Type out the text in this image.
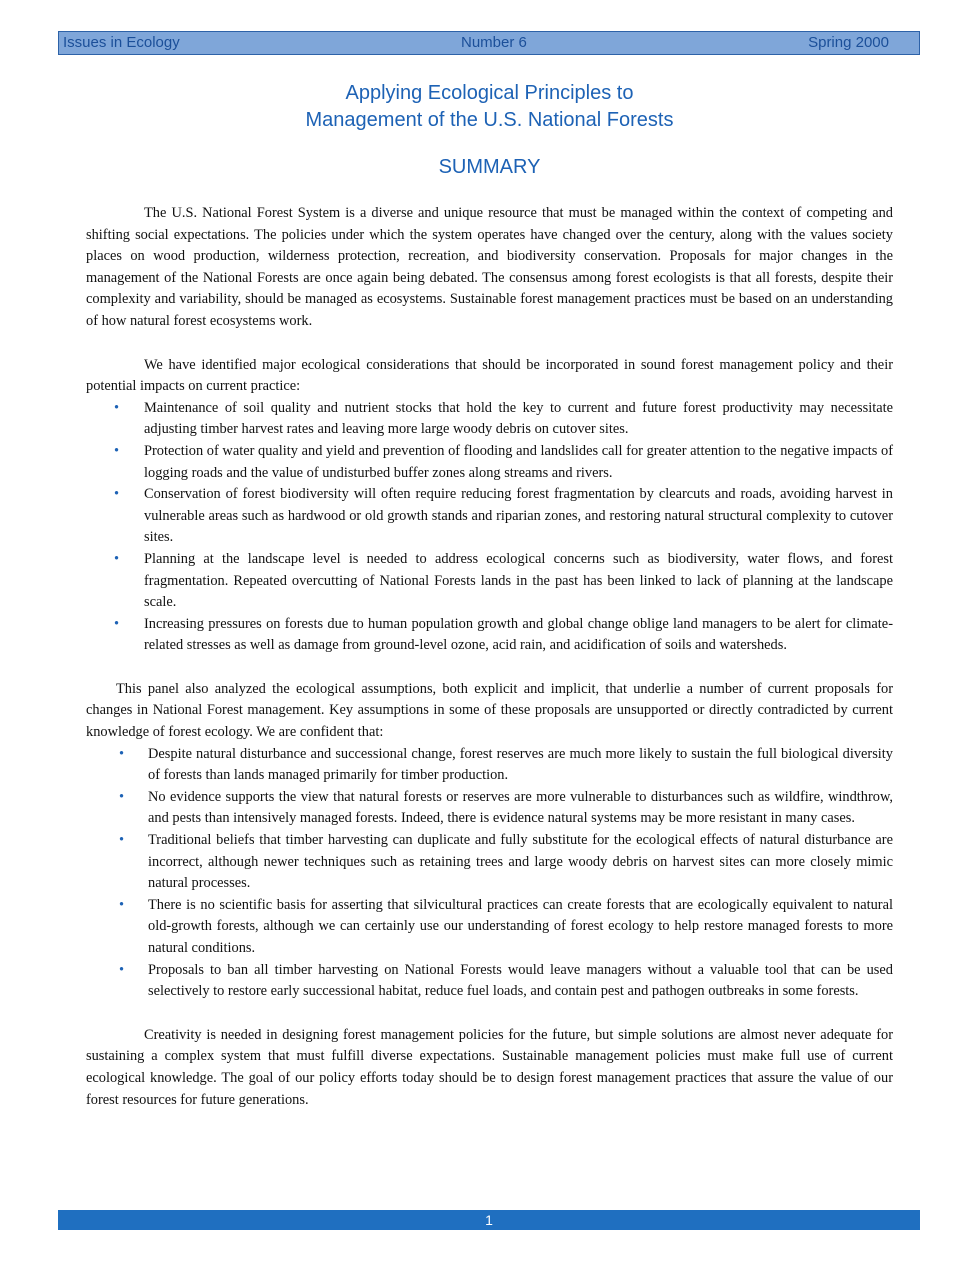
Issues in Ecology	Number 6	Spring 2000
Applying Ecological Principles to
Management of the U.S. National Forests
SUMMARY

The U.S. National Forest System is a diverse and unique resource that must be managed within the context of competing and shifting social expectations. The policies under which the system operates have changed over the century, along with the values society places on wood production, wilderness protection, recreation, and biodiversity conservation. Proposals for major changes in the management of the National Forests are once again being debated. The consensus among forest ecologists is that all forests, despite their complexity and variability, should be managed as ecosystems. Sustainable forest management practices must be based on an understanding of how natural forest ecosystems work.

We have identified major ecological considerations that should be incorporated in sound forest management policy and their potential impacts on current practice:

• Maintenance of soil quality and nutrient stocks that hold the key to current and future forest productivity may necessitate adjusting timber harvest rates and leaving more large woody debris on cutover sites.
• Protection of water quality and yield and prevention of flooding and landslides call for greater attention to the negative impacts of logging roads and the value of undisturbed buffer zones along streams and rivers.
• Conservation of forest biodiversity will often require reducing forest fragmentation by clearcuts and roads, avoiding harvest in vulnerable areas such as hardwood or old growth stands and riparian zones, and restoring natural structural complexity to cutover sites.
• Planning at the landscape level is needed to address ecological concerns such as biodiversity, water flows, and forest fragmentation. Repeated overcutting of National Forests lands in the past has been linked to lack of planning at the landscape scale.
• Increasing pressures on forests due to human population growth and global change oblige land managers to be alert for climate-related stresses as well as damage from ground-level ozone, acid rain, and acidification of soils and watersheds.

This panel also analyzed the ecological assumptions, both explicit and implicit, that underlie a number of current proposals for changes in National Forest management. Key assumptions in some of these proposals are unsupported or directly contradicted by current knowledge of forest ecology. We are confident that:

• Despite natural disturbance and successional change, forest reserves are much more likely to sustain the full biological diversity of forests than lands managed primarily for timber production.
• No evidence supports the view that natural forests or reserves are more vulnerable to disturbances such as wildfire, windthrow, and pests than intensively managed forests. Indeed, there is evidence natural systems may be more resistant in many cases.
• Traditional beliefs that timber harvesting can duplicate and fully substitute for the ecological effects of natural disturbance are incorrect, although newer techniques such as retaining trees and large woody debris on harvest sites can more closely mimic natural processes.
• There is no scientific basis for asserting that silvicultural practices can create forests that are ecologically equivalent to natural old-growth forests, although we can certainly use our understanding of forest ecology to help restore managed forests to more natural conditions.
• Proposals to ban all timber harvesting on National Forests would leave managers without a valuable tool that can be used selectively to restore early successional habitat, reduce fuel loads, and contain pest and pathogen outbreaks in some forests.

Creativity is needed in designing forest management policies for the future, but simple solutions are almost never adequate for sustaining a complex system that must fulfill diverse expectations. Sustainable management policies must make full use of current ecological knowledge. The goal of our policy efforts today should be to design forest management practices that assure the value of our forest resources for future generations.

1
